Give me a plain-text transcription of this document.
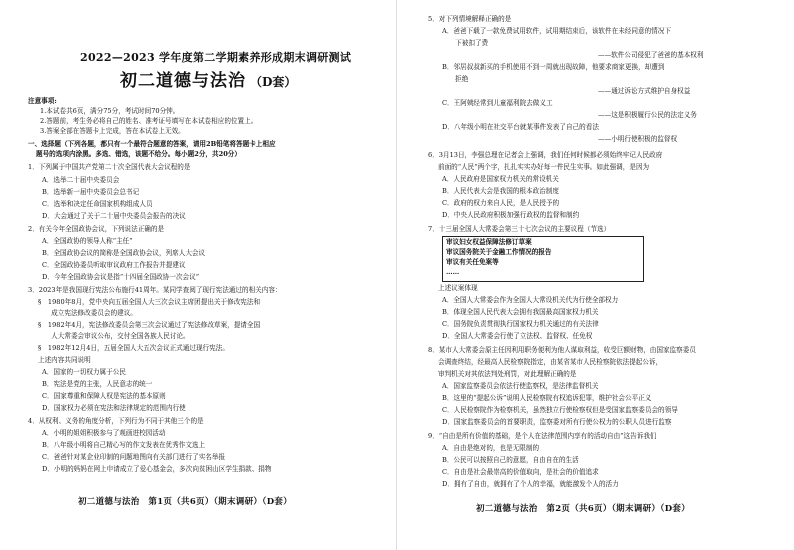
2022—2023 学年度第二学期素养形成期末调研测试
初二道德与法治 （D套）
注意事项:
1.本试卷共6页，满分75分，考试时间70分钟。
2.答题前，考生务必将自己的姓名、准考证号填写在本试卷相应的位置上。
3.答案全部在答题卡上完成，答在本试卷上无效。
一、选择题（下列各题，都只有一个最符合题意的答案，请用2B铅笔将答题卡上相应
题号的选项内涂黑。多选、错选，该题不给分。每小题2分，共20分）
1．下列属于中国共产党第二十次全国代表大会议程的是
A．选举二十届中央委员会
B．选举新一届中央委员会总书记
C．选举和决定任命国家机构组成人员
D．大会通过了关于二十届中央委员会报告的决议
2．有关今年全国政协会议，下列说法正确的是
A．全国政协的领导人称“主任”
B．全国政协会议的简称是全国政协会议，列席人大会议
C．全国政协委员听取审议政府工作报告并提建议
D．今年全国政协会议是指“十四届全国政协一次会议”
3．2023年是我国现行宪法公布施行41周年。某同学查阅了现行宪法通过的相关内容：
§　1980年8月，党中央向五届全国人大三次会议主席团提出关于修改宪法和
　　成立宪法修改委员会的建议。
§　1982年4月，宪法修改委员会第三次会议通过了宪法修改草案，提请全国
　　人大常委会审议公布，交付全国各族人民讨论。
§　1982年12月4日，五届全国人大五次会议正式通过现行宪法。
上述内容共同说明
A．国家的一切权力属于公民
B．宪法是党的主张，人民意志的统一
C．国家尊重和保障人权是宪法的基本原则
D．国家权力必须在宪法和法律规定的范围内行使
4．从权利、义务的角度分析，下列行为不同于其他三个的是
A．小明的姐姐积极参与了观画进校园活动
B．八年级小明将自己精心写的作文发表在优秀作文选上
C．爸爸针对某企业印制的问题地图向有关部门进行了实名举报
D．小明的妈妈在网上申请成立了爱心基金会，多次向贫困山区学生捐款、捐物
初二道德与法治　第1页（共6页）（期末调研）（D套）
5．对下列情境解释正确的是
A．爸爸下载了一款免费试用软件，试用期结束后，该软件在未经同意的情况下
　　下被扣了费
——软件公司侵犯了爸爸的基本权利
B．邻居叔叔新买的手机使用不到一周就出现故障，他要求商家更换，却遭到
　　拒绝
——通过诉讼方式维护自身权益
C．王阿姨经常到儿童福利院去做义工
——这是积极履行公民的法定义务
D．八年级小明在社交平台就某事件发表了自己的看法
——小明行使积极的监督权
6．3月13日，李强总理在记者会上强调，我们任何时候都必须始终牢记人民政府
前面的“人民”两个字，扎扎实实办好每一件民生实事。如此强调，是因为
A．人民政府是国家权力机关的常设机关
B．人民代表大会是我国的根本政治制度
C．政府的权力来自人民，是人民授予的
D．中央人民政府积极加强行政权的监督和制约
7．十三届全国人大常委会第三十七次会议的主要议程（节选）
审议妇女权益保障法修订草案
审议国务院关于金融工作情况的报告
审议有关任免案等
……
上述议案体现
A．全国人大常委会作为全国人大常设机关代为行使全部权力
B．体现全国人民代表大会拥有我国最高国家权力机关
C．国务院负责贯彻执行国家权力机关通过的有关法律
D．全国人大常委会行使了立法权、监督权、任免权
8．某市人大常委会原主任因利用职务便利为他人谋取利益，收受巨额财物，由国家监察委员
会调查终结，经最高人民检察院指定，由某省某市人民检察院依法提起公诉，
审判机关对其依法判处刑罚，对此理解正确的是
A．国家监察委员会依法行使监察权，是法律监督机关
B．这里的“提起公诉”说明人民检察院有权追诉犯罪，维护社会公平正义
C．人民检察院作为检察机关，虽然独立行使检察权但是受国家监察委员会的领导
D．国家监察委员会的首要职责，监察委对所有行使公权力的公职人员进行监察
9．“自由是所有价值的基础，是个人在法律范围内享有的活动自由”这告诉我们
A．自由是绝对的，也是无限制的
B．公民可以按照自己的意愿，自由自在的生活
C．自由是社会最崇高的价值取向，是社会的价值追求
D．拥有了自由，就拥有了个人的幸福，就能激发个人的活力
初二道德与法治　第2页（共6页）（期末调研）（D套）
